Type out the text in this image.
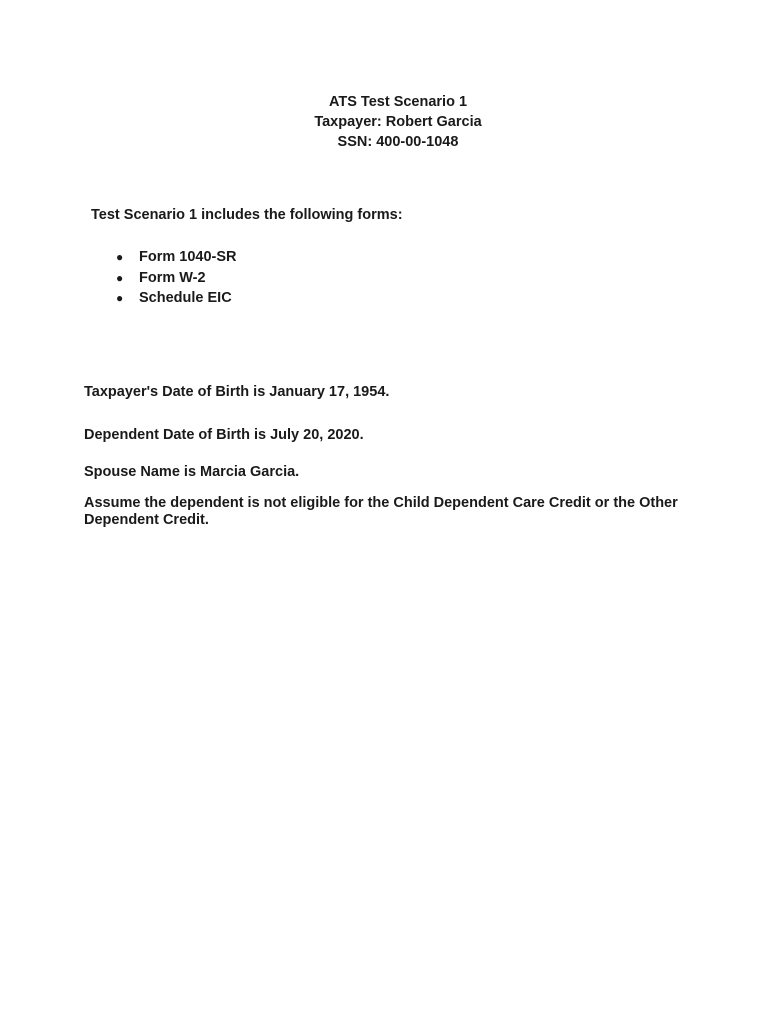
ATS Test Scenario 1
Taxpayer: Robert Garcia
SSN: 400-00-1048
Test Scenario 1 includes the following forms:
● Form 1040-SR
● Form W-2
● Schedule EIC
Taxpayer's Date of Birth is January 17, 1954.
Dependent Date of Birth is July 20, 2020.
Spouse Name is Marcia Garcia.
Assume the dependent is not eligible for the Child Dependent Care Credit or the Other Dependent Credit.
